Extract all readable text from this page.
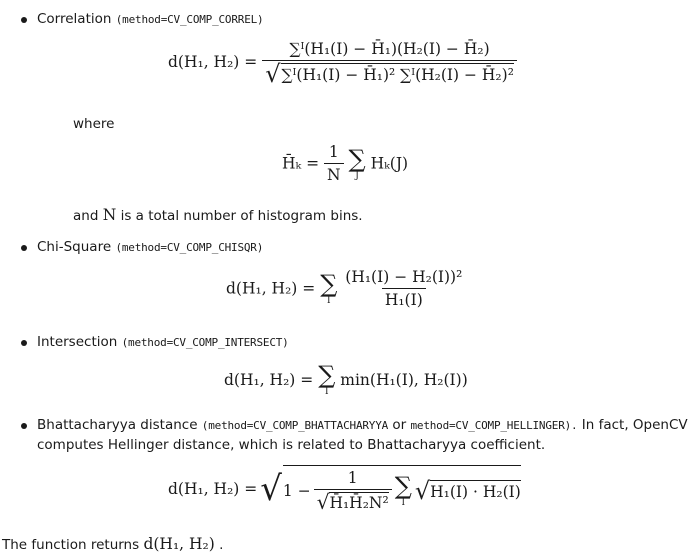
Correlation (method=CV_COMP_CORREL)
d(H₁, $H_2) = \frac{\text{∑ᴵ(H₁(I) − H̄₁)(H₂(I) − H̄₂)}}{\text{√ ∑ᴵ(H₁(I) − H̄₁)² ∑ᴵ(H₂(I) − H̄₂)²}}$
where
H̄ₖ = $\frac{1}{N}$
∑
J
Hₖ(J)
and N is a total number of histogram bins.
Chi-Square (method=CV_COMP_CHISQR)
d(H₁, H₂) = ∑
I
$\frac{\text{(H₁(I) − H₂(I))²}}{\text{H₁(I)}}$
Intersection (method=CV_COMP_INTERSECT)
d(H₁, H₂) = ∑
I
min(H₁(I), H₂(I))
Bhattacharyya distance (method=CV_COMP_BHATTACHARYYA or method=CV_COMP_HELLINGER). In fact, OpenCV
computes Hellinger distance, which is related to Bhattacharyya coefficient.
d(H₁, H₂) = √ $1 - \frac{1}{\text{√ H̄₁H̄₂N²}}$ ∑
I √ H₁(I) · H₂(I)
The function returns d(H₁, H₂) .
